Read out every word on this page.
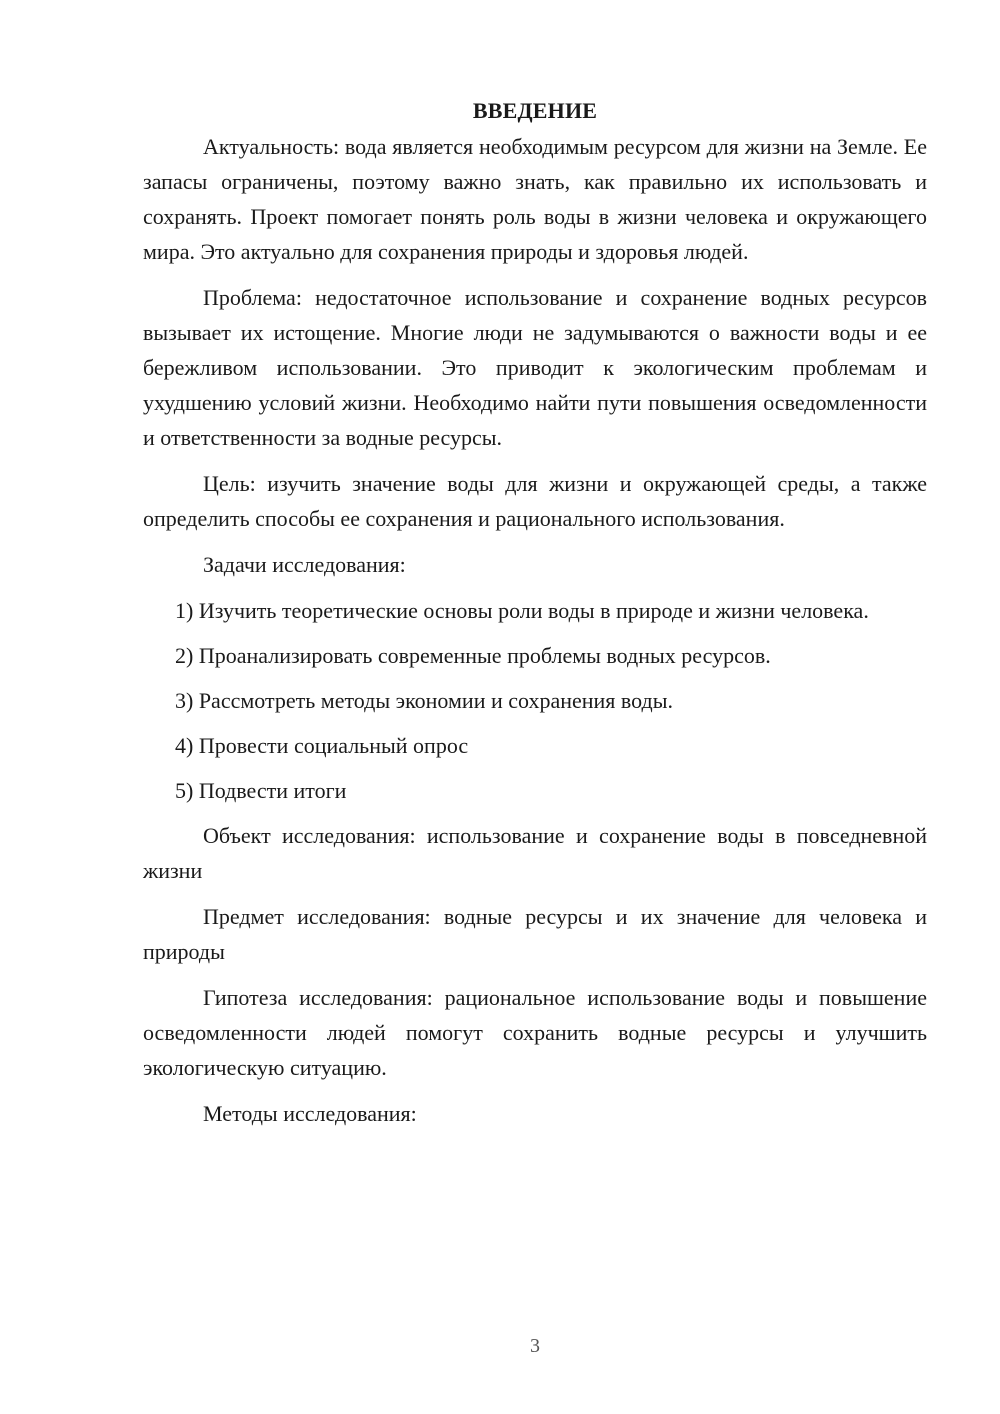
ВВЕДЕНИЕ

Актуальность: вода является необходимым ресурсом для жизни на Земле. Ее запасы ограничены, поэтому важно знать, как правильно их использовать и сохранять. Проект помогает понять роль воды в жизни человека и окружающего мира. Это актуально для сохранения природы и здоровья людей.

Проблема: недостаточное использование и сохранение водных ресурсов вызывает их истощение. Многие люди не задумываются о важности воды и ее бережливом использовании. Это приводит к экологическим проблемам и ухудшению условий жизни. Необходимо найти пути повышения осведомленности и ответственности за водные ресурсы.

Цель: изучить значение воды для жизни и окружающей среды, а также определить способы ее сохранения и рационального использования.

Задачи исследования:

1) Изучить теоретические основы роли воды в природе и жизни человека.

2) Проанализировать современные проблемы водных ресурсов.

3) Рассмотреть методы экономии и сохранения воды.

4) Провести социальный опрос

5) Подвести итоги

Объект исследования: использование и сохранение воды в повседневной жизни

Предмет исследования: водные ресурсы и их значение для человека и природы

Гипотеза исследования: рациональное использование воды и повышение осведомленности людей помогут сохранить водные ресурсы и улучшить экологическую ситуацию.

Методы исследования:

3
